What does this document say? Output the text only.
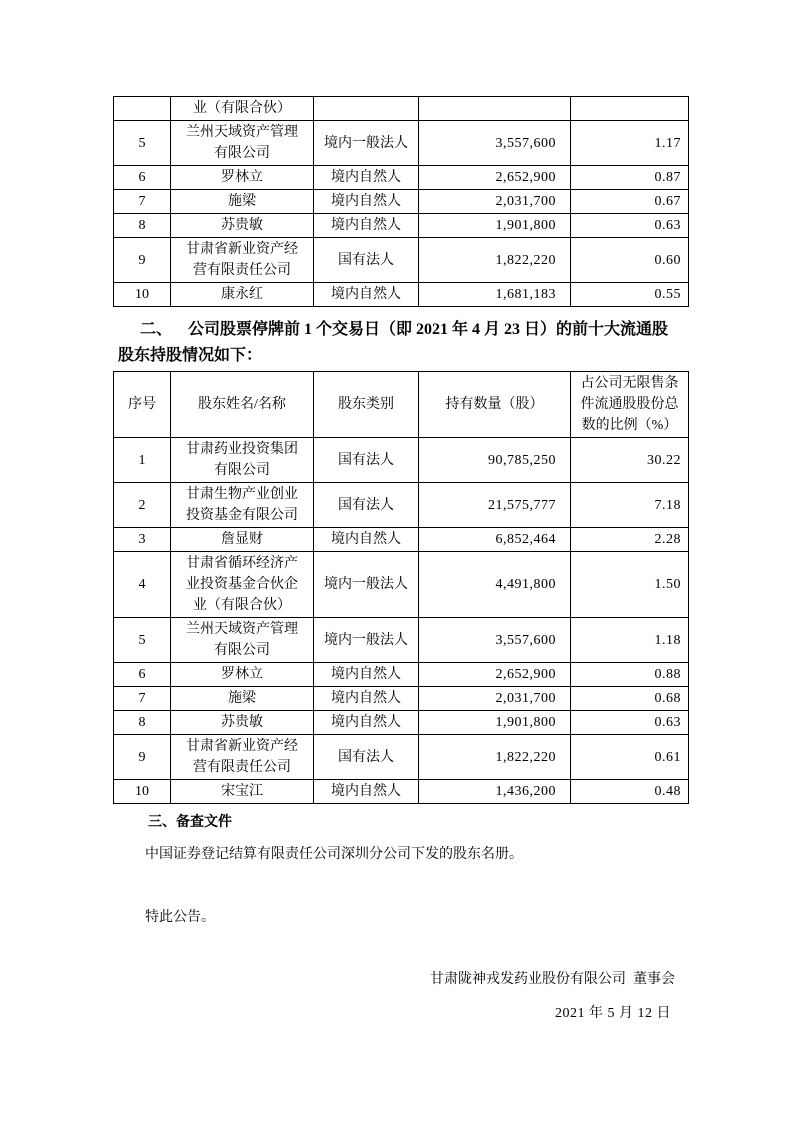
	业（有限合伙）			
5	兰州天域资产管理有限公司	境内一般法人	3,557,600	1.17
6	罗林立	境内自然人	2,652,900	0.87
7	施梁	境内自然人	2,031,700	0.67
8	苏贵敏	境内自然人	1,901,800	0.63
9	甘肃省新业资产经营有限责任公司	国有法人	1,822,220	0.60
10	康永红	境内自然人	1,681,183	0.55

二、 公司股票停牌前 1 个交易日（即 2021 年 4 月 23 日）的前十大流通股

股东持股情况如下：

序号	股东姓名/名称	股东类别	持有数量（股）	占公司无限售条件流通股股份总数的比例（%）
1	甘肃药业投资集团有限公司	国有法人	90,785,250	30.22
2	甘肃生物产业创业投资基金有限公司	国有法人	21,575,777	7.18
3	詹显财	境内自然人	6,852,464	2.28
4	甘肃省循环经济产业投资基金合伙企业（有限合伙）	境内一般法人	4,491,800	1.50
5	兰州天域资产管理有限公司	境内一般法人	3,557,600	1.18
6	罗林立	境内自然人	2,652,900	0.88
7	施梁	境内自然人	2,031,700	0.68
8	苏贵敏	境内自然人	1,901,800	0.63
9	甘肃省新业资产经营有限责任公司	国有法人	1,822,220	0.61
10	宋宝江	境内自然人	1,436,200	0.48

三、备查文件

中国证券登记结算有限责任公司深圳分公司下发的股东名册。

特此公告。

甘肃陇神戎发药业股份有限公司  董事会

2021 年 5 月 12 日
